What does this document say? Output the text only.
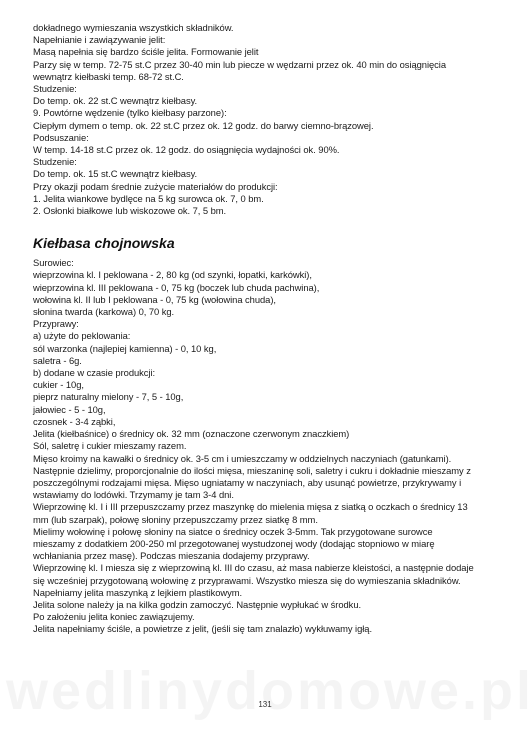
dokładnego wymieszania wszystkich składników.
Napełnianie i zawiązywanie jelit:
Masą napełnia się bardzo ściśle jelita. Formowanie jelit
Parzy się w temp. 72-75 st.C przez 30-40 min lub piecze w wędzarni przez ok. 40 min do osiągnięcia
wewnątrz kiełbaski temp. 68-72 st.C.
Studzenie:
Do temp. ok. 22 st.C wewnątrz kiełbasy.
9. Powtórne wędzenie (tylko kiełbasy parzone):
Ciepłym dymem o temp. ok. 22 st.C przez ok. 12 godz. do barwy ciemno-brązowej.
Podsuszanie:
W temp. 14-18 st.C przez ok. 12 godz. do osiągnięcia wydajności ok. 90%.
Studzenie:
Do temp. ok. 15 st.C wewnątrz kiełbasy.
Przy okazji podam średnie zużycie materiałów do produkcji:
1. Jelita wiankowe bydlęce na 5 kg surowca ok. 7, 0 bm.
2. Osłonki białkowe lub wiskozowe ok. 7, 5 bm.
Kiełbasa chojnowska
Surowiec:
wieprzowina kl. I peklowana - 2, 80 kg (od szynki, łopatki, karkówki),
wieprzowina kl. III peklowana - 0, 75 kg (boczek lub chuda pachwina),
wołowina kl. II lub I peklowana - 0, 75 kg (wołowina chuda),
słonina twarda (karkowa) 0, 70 kg.
Przyprawy:
a) użyte do peklowania:
sól warzonka (najlepiej kamienna) - 0, 10 kg,
saletra - 6g.
b) dodane w czasie produkcji:
cukier - 10g,
pieprz naturalny mielony - 7, 5 - 10g,
jałowiec - 5 - 10g,
czosnek - 3-4 ząbki,
Jelita (kiełbaśnice) o średnicy ok. 32 mm (oznaczone czerwonym znaczkiem)
Sól, saletrę i cukier mieszamy razem.
Mięso kroimy na kawałki o średnicy ok. 3-5 cm i umieszczamy w oddzielnych naczyniach (gatunkami).
Następnie dzielimy, proporcjonalnie do ilości mięsa, mieszaninę soli, saletry i cukru i dokładnie mieszamy z
poszczególnymi rodzajami mięsa. Mięso ugniatamy w naczyniach, aby usunąć powietrze, przykrywamy i
wstawiamy do lodówki. Trzymamy je tam 3-4 dni.
Wieprzowinę kl. I i III przepuszczamy przez maszynkę do mielenia mięsa z siatką o oczkach o średnicy 13
mm (lub szarpak), połowę słoniny przepuszczamy przez siatkę 8 mm.
Mielimy wołowinę i połowę słoniny na siatce o średnicy oczek 3-5mm. Tak przygotowane surowce
mieszamy z dodatkiem 200-250 ml przegotowanej wystudzonej wody (dodając stopniowo w miarę
wchłaniania przez masę). Podczas mieszania dodajemy przyprawy.
Wieprzowinę kl. I miesza się z wieprzowiną kl. III do czasu, aż masa nabierze kleistości, a następnie dodaje
się wcześniej przygotowaną wołowinę z przyprawami. Wszystko miesza się do wymieszania składników.
Napełniamy jelita maszynką z lejkiem plastikowym.
Jelita solone należy ja na kilka godzin zamoczyć. Następnie wypłukać w środku.
Po założeniu jelita koniec zawiązujemy.
Jelita napełniamy ściśle, a powietrze z jelit, (jeśli się tam znalazło) wykłuwamy igłą.
131
